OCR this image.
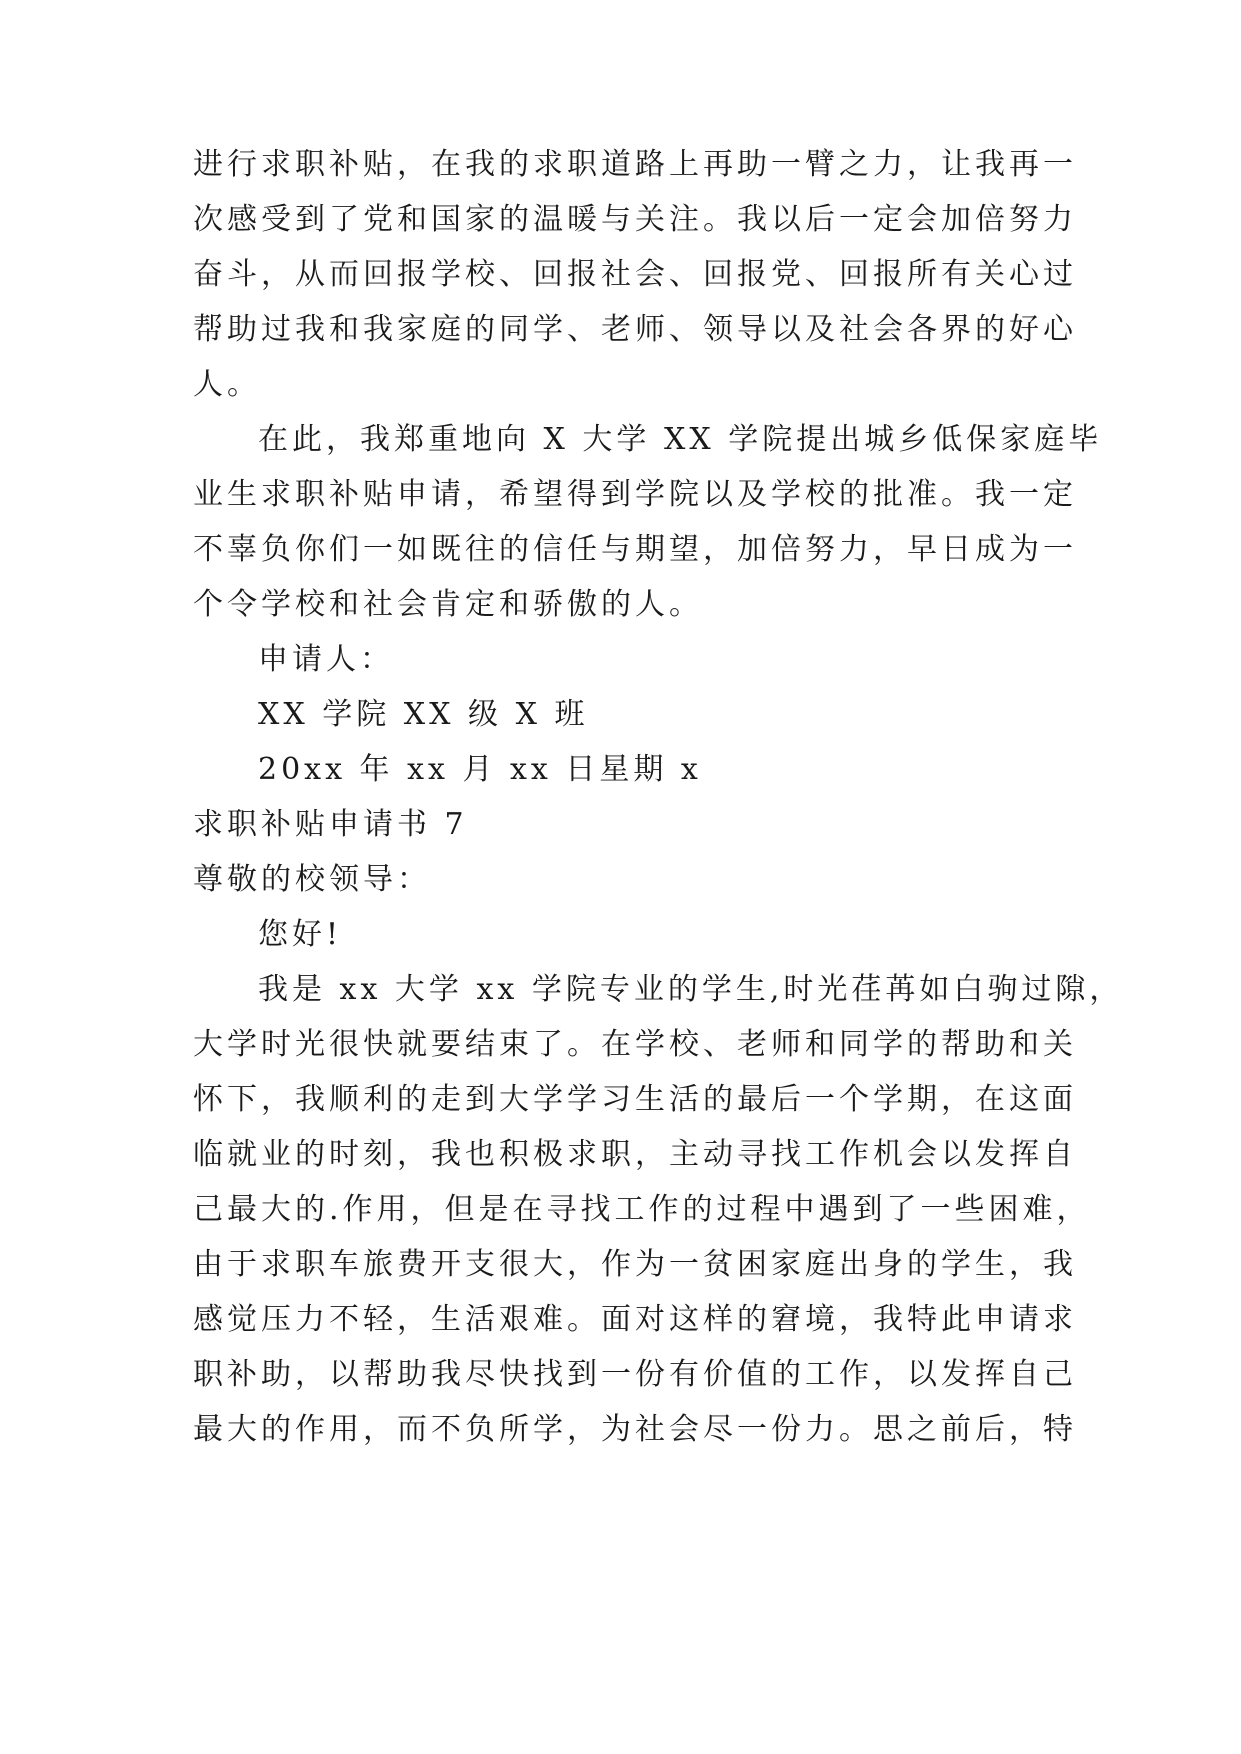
进行求职补贴，在我的求职道路上再助一臂之力，让我再一
次感受到了党和国家的温暖与关注。我以后一定会加倍努力
奋斗，从而回报学校、回报社会、回报党、回报所有关心过
帮助过我和我家庭的同学、老师、领导以及社会各界的好心
人。
在此，我郑重地向 X 大学 XX 学院提出城乡低保家庭毕
业生求职补贴申请，希望得到学院以及学校的批准。我一定
不辜负你们一如既往的信任与期望，加倍努力，早日成为一
个令学校和社会肯定和骄傲的人。
申请人：
XX 学院 XX 级 X 班
20xx 年 xx 月 xx 日星期 x
求职补贴申请书 7
尊敬的校领导：
您好!
我是 xx 大学 xx 学院专业的学生,时光荏苒如白驹过隙，
大学时光很快就要结束了。在学校、老师和同学的帮助和关
怀下，我顺利的走到大学学习生活的最后一个学期，在这面
临就业的时刻，我也积极求职，主动寻找工作机会以发挥自
己最大的.作用，但是在寻找工作的过程中遇到了一些困难，
由于求职车旅费开支很大，作为一贫困家庭出身的学生，我
感觉压力不轻，生活艰难。面对这样的窘境，我特此申请求
职补助，以帮助我尽快找到一份有价值的工作，以发挥自己
最大的作用，而不负所学，为社会尽一份力。思之前后，特
